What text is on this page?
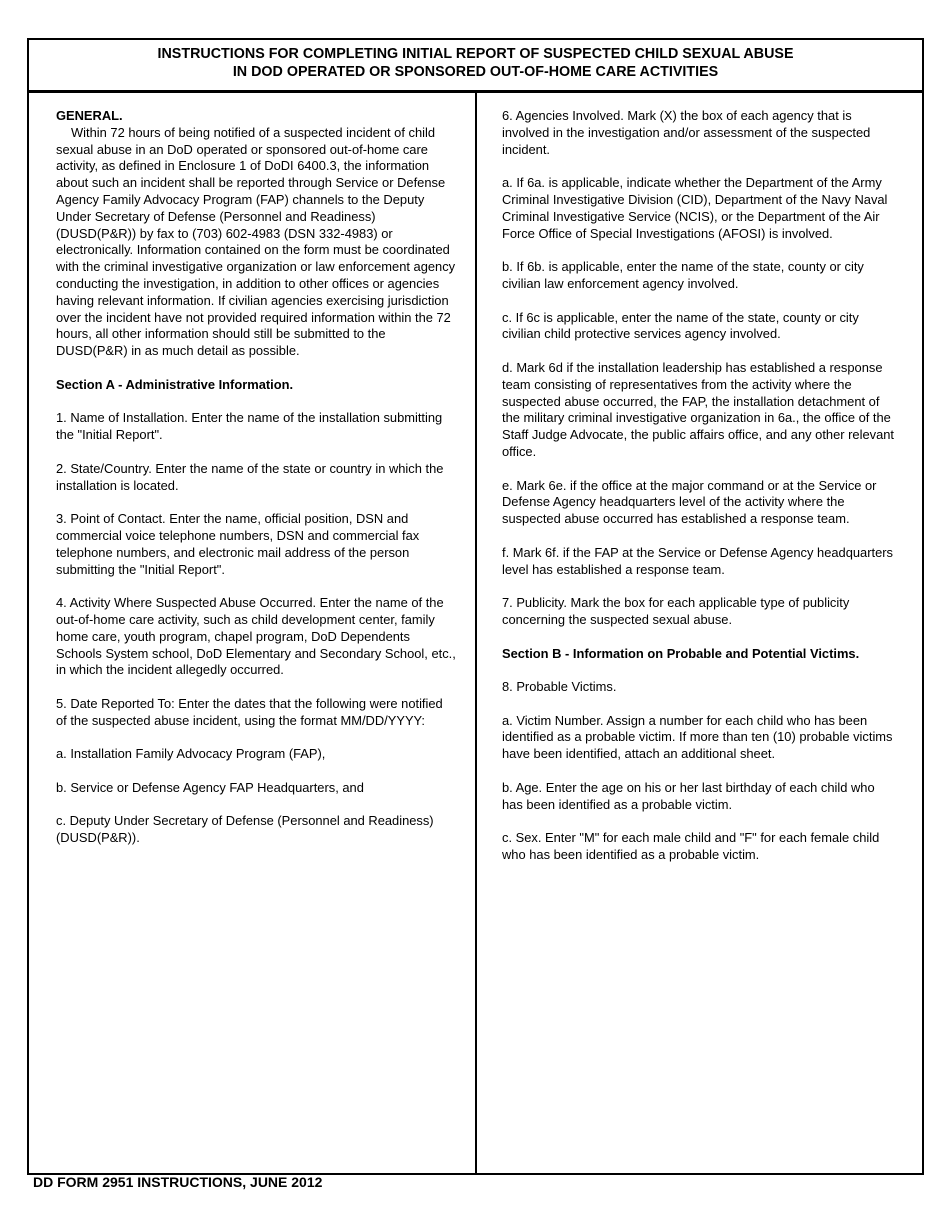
INSTRUCTIONS FOR COMPLETING INITIAL REPORT OF SUSPECTED CHILD SEXUAL ABUSE
IN DOD OPERATED OR SPONSORED OUT-OF-HOME CARE ACTIVITIES
GENERAL.

Within 72 hours of being notified of a suspected incident of child sexual abuse in an DoD operated or sponsored out-of-home care activity, as defined in Enclosure 1 of DoDI 6400.3, the information about such an incident shall be reported through Service or Defense Agency Family Advocacy Program (FAP) channels to the Deputy Under Secretary of Defense (Personnel and Readiness) (DUSD(P&R)) by fax to (703) 602-4983 (DSN 332-4983) or electronically. Information contained on the form must be coordinated with the criminal investigative organization or law enforcement agency conducting the investigation, in addition to other offices or agencies having relevant information. If civilian agencies exercising jurisdiction over the incident have not provided required information within the 72 hours, all other information should still be submitted to the DUSD(P&R) in as much detail as possible.

Section A - Administrative Information.

1. Name of Installation. Enter the name of the installation submitting the "Initial Report".

2. State/Country. Enter the name of the state or country in which the installation is located.

3. Point of Contact. Enter the name, official position, DSN and commercial voice telephone numbers, DSN and commercial fax telephone numbers, and electronic mail address of the person submitting the "Initial Report".

4. Activity Where Suspected Abuse Occurred. Enter the name of the out-of-home care activity, such as child development center, family home care, youth program, chapel program, DoD Dependents Schools System school, DoD Elementary and Secondary School, etc., in which the incident allegedly occurred.

5. Date Reported To: Enter the dates that the following were notified of the suspected abuse incident, using the format MM/DD/YYYY:

a. Installation Family Advocacy Program (FAP),

b. Service or Defense Agency FAP Headquarters, and

c. Deputy Under Secretary of Defense (Personnel and Readiness) (DUSD(P&R)).

6. Agencies Involved. Mark (X) the box of each agency that is involved in the investigation and/or assessment of the suspected incident.

a. If 6a. is applicable, indicate whether the Department of the Army Criminal Investigative Division (CID), Department of the Navy Naval Criminal Investigative Service (NCIS), or the Department of the Air Force Office of Special Investigations (AFOSI) is involved.

b. If 6b. is applicable, enter the name of the state, county or city civilian law enforcement agency involved.

c. If 6c is applicable, enter the name of the state, county or city civilian child protective services agency involved.

d. Mark 6d if the installation leadership has established a response team consisting of representatives from the activity where the suspected abuse occurred, the FAP, the installation detachment of the military criminal investigative organization in 6a., the office of the Staff Judge Advocate, the public affairs office, and any other relevant office.

e. Mark 6e. if the office at the major command or at the Service or Defense Agency headquarters level of the activity where the suspected abuse occurred has established a response team.

f. Mark 6f. if the FAP at the Service or Defense Agency headquarters level has established a response team.

7. Publicity. Mark the box for each applicable type of publicity concerning the suspected sexual abuse.

Section B - Information on Probable and Potential Victims.

8. Probable Victims.

a. Victim Number. Assign a number for each child who has been identified as a probable victim. If more than ten (10) probable victims have been identified, attach an additional sheet.

b. Age. Enter the age on his or her last birthday of each child who has been identified as a probable victim.

c. Sex. Enter "M" for each male child and "F" for each female child who has been identified as a probable victim.

DD FORM 2951 INSTRUCTIONS, JUNE 2012
